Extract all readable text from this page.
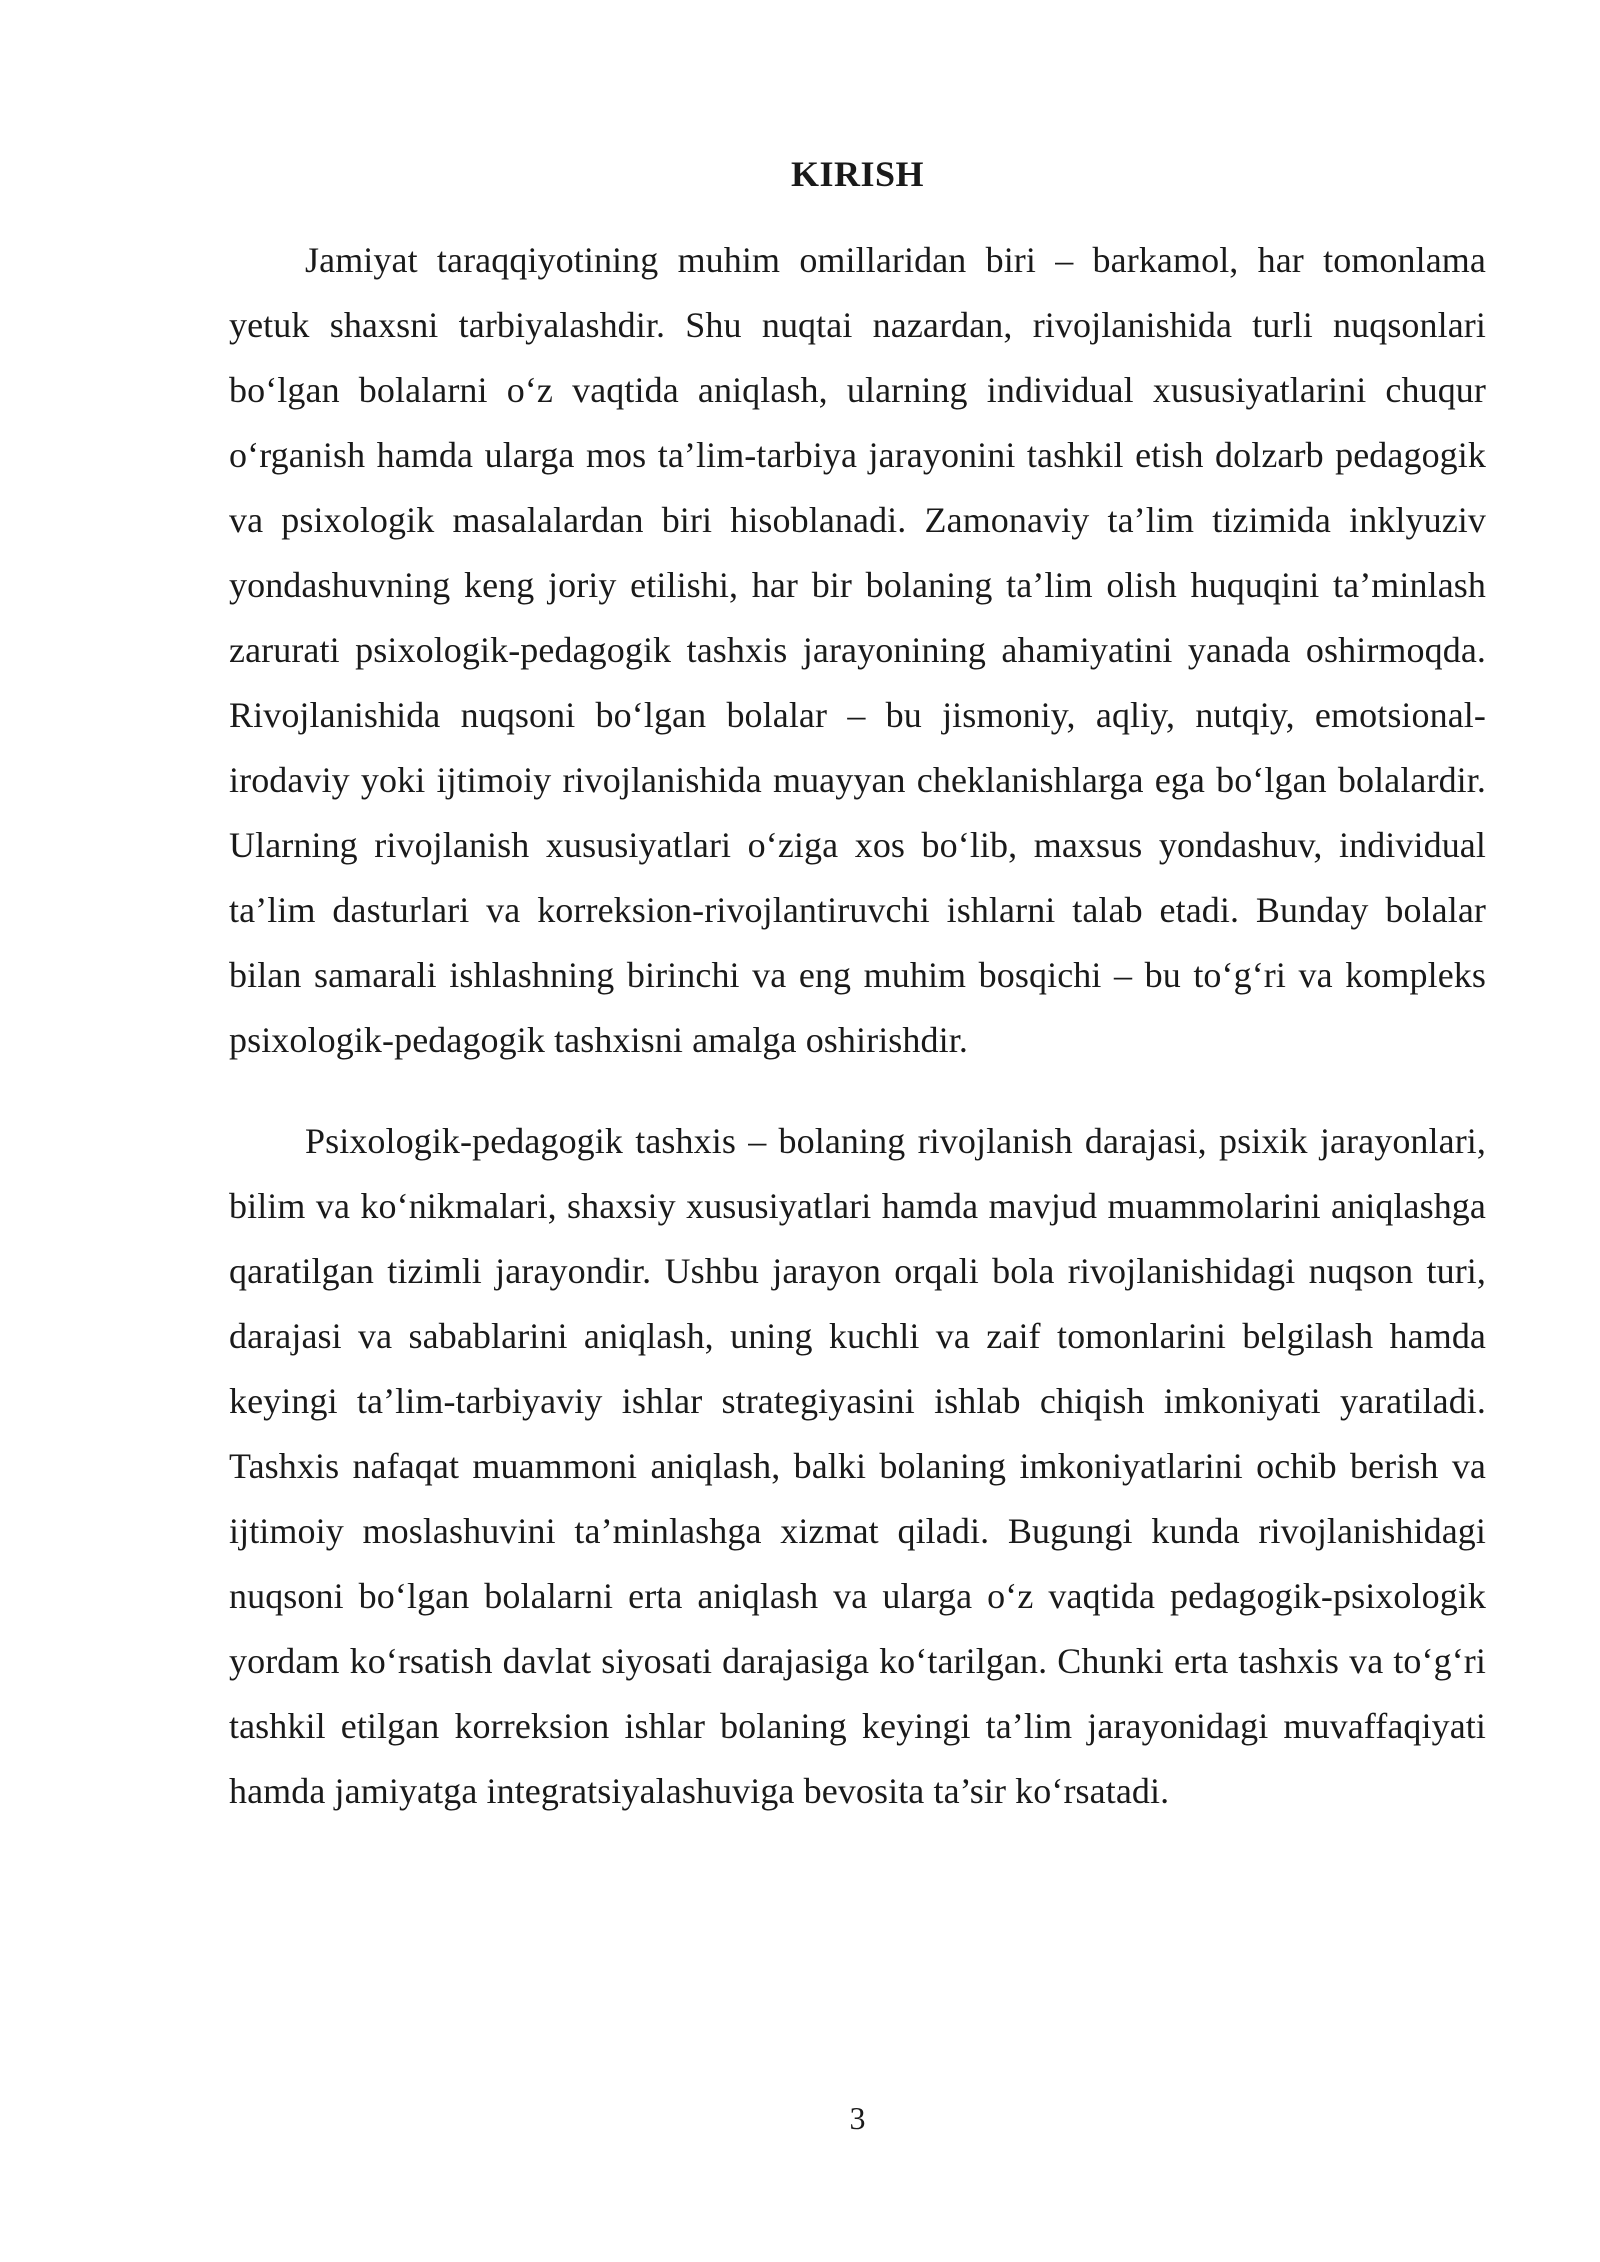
KIRISH

Jamiyat taraqqiyotining muhim omillaridan biri – barkamol, har tomonlama yetuk shaxsni tarbiyalashdir. Shu nuqtai nazardan, rivojlanishida turli nuqsonlari bo‘lgan bolalarni o‘z vaqtida aniqlash, ularning individual xususiyatlarini chuqur o‘rganish hamda ularga mos ta’lim-tarbiya jarayonini tashkil etish dolzarb pedagogik va psixologik masalalardan biri hisoblanadi. Zamonaviy ta’lim tizimida inklyuziv yondashuvning keng joriy etilishi, har bir bolaning ta’lim olish huquqini ta’minlash zarurati psixologik-pedagogik tashxis jarayonining ahamiyatini yanada oshirmoqda. Rivojlanishida nuqsoni bo‘lgan bolalar – bu jismoniy, aqliy, nutqiy, emotsional-irodaviy yoki ijtimoiy rivojlanishida muayyan cheklanishlarga ega bo‘lgan bolalardir. Ularning rivojlanish xususiyatlari o‘ziga xos bo‘lib, maxsus yondashuv, individual ta’lim dasturlari va korreksion-rivojlantiruvchi ishlarni talab etadi. Bunday bolalar bilan samarali ishlashning birinchi va eng muhim bosqichi – bu to‘g‘ri va kompleks psixologik-pedagogik tashxisni amalga oshirishdir.

Psixologik-pedagogik tashxis – bolaning rivojlanish darajasi, psixik jarayonlari, bilim va ko‘nikmalari, shaxsiy xususiyatlari hamda mavjud muammolarini aniqlashga qaratilgan tizimli jarayondir. Ushbu jarayon orqali bola rivojlanishidagi nuqson turi, darajasi va sabablarini aniqlash, uning kuchli va zaif tomonlarini belgilash hamda keyingi ta’lim-tarbiyaviy ishlar strategiyasini ishlab chiqish imkoniyati yaratiladi. Tashxis nafaqat muammoni aniqlash, balki bolaning imkoniyatlarini ochib berish va ijtimoiy moslashuvini ta’minlashga xizmat qiladi. Bugungi kunda rivojlanishidagi nuqsoni bo‘lgan bolalarni erta aniqlash va ularga o‘z vaqtida pedagogik-psixologik yordam ko‘rsatish davlat siyosati darajasiga ko‘tarilgan. Chunki erta tashxis va to‘g‘ri tashkil etilgan korreksion ishlar bolaning keyingi ta’lim jarayonidagi muvaffaqiyati hamda jamiyatga integratsiyalashuviga bevosita ta’sir ko‘rsatadi.

3
